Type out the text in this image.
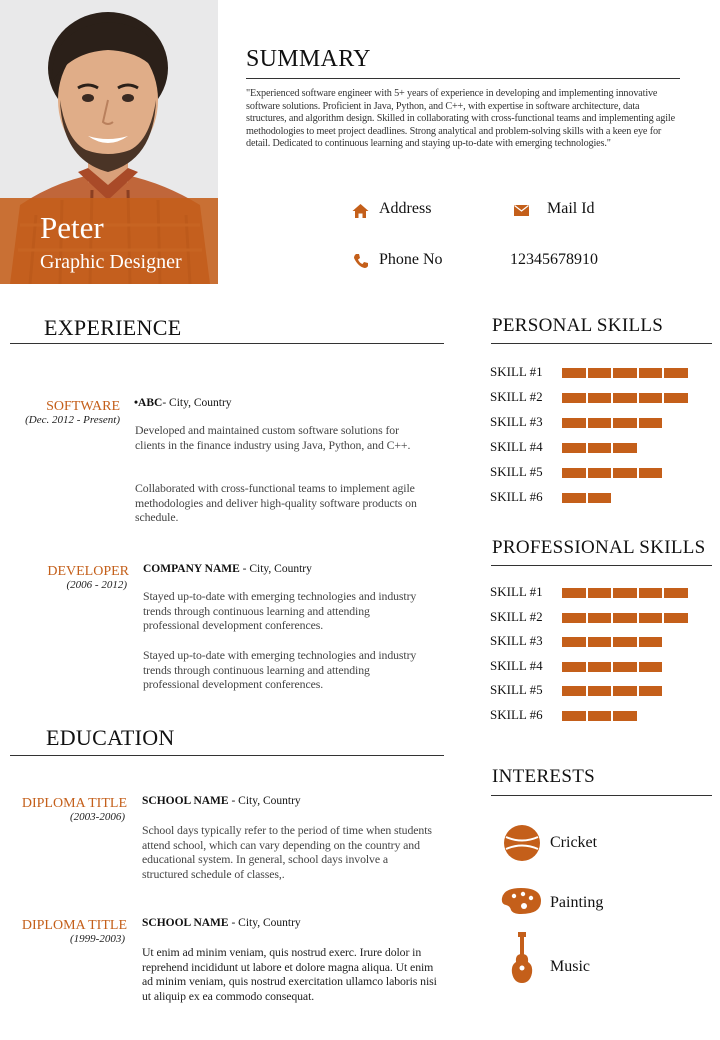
Peter
Graphic Designer
SUMMARY
"Experienced software engineer with 5+ years of experience in developing and implementing innovative software solutions. Proficient in Java, Python, and C++, with expertise in software architecture, data structures, and algorithm design. Skilled in collaborating with cross-functional teams and implementing agile methodologies to meet project deadlines. Strong analytical and problem-solving skills with a keen eye for detail. Dedicated to continuous learning and staying up-to-date with emerging technologies."
Address	Mail Id
Phone No	12345678910
EXPERIENCE
SOFTWARE
(Dec. 2012 - Present)
•ABC- City, Country
Developed and maintained custom software solutions for clients in the finance industry using Java, Python, and C++.
Collaborated with cross-functional teams to implement agile methodologies and deliver high-quality software products on schedule.
DEVELOPER
(2006 - 2012)
COMPANY NAME - City, Country
Stayed up-to-date with emerging technologies and industry trends through continuous learning and attending professional development conferences.
Stayed up-to-date with emerging technologies and industry trends through continuous learning and attending professional development conferences.
EDUCATION
DIPLOMA TITLE
(2003-2006)
SCHOOL NAME - City, Country
School days typically refer to the period of time when students attend school, which can vary depending on the country and educational system. In general, school days involve a structured schedule of classes,.
DIPLOMA TITLE
(1999-2003)
SCHOOL NAME - City, Country
Ut enim ad minim veniam, quis nostrud exerc. Irure dolor in reprehend incididunt ut labore et dolore magna aliqua. Ut enim ad minim veniam, quis nostrud exercitation ullamco laboris nisi ut aliquip ex ea commodo consequat.
PERSONAL SKILLS
SKILL #1
SKILL #2
SKILL #3
SKILL #4
SKILL #5
SKILL #6
PROFESSIONAL SKILLS
SKILL #1
SKILL #2
SKILL #3
SKILL #4
SKILL #5
SKILL #6
INTERESTS
Cricket
Painting
Music
